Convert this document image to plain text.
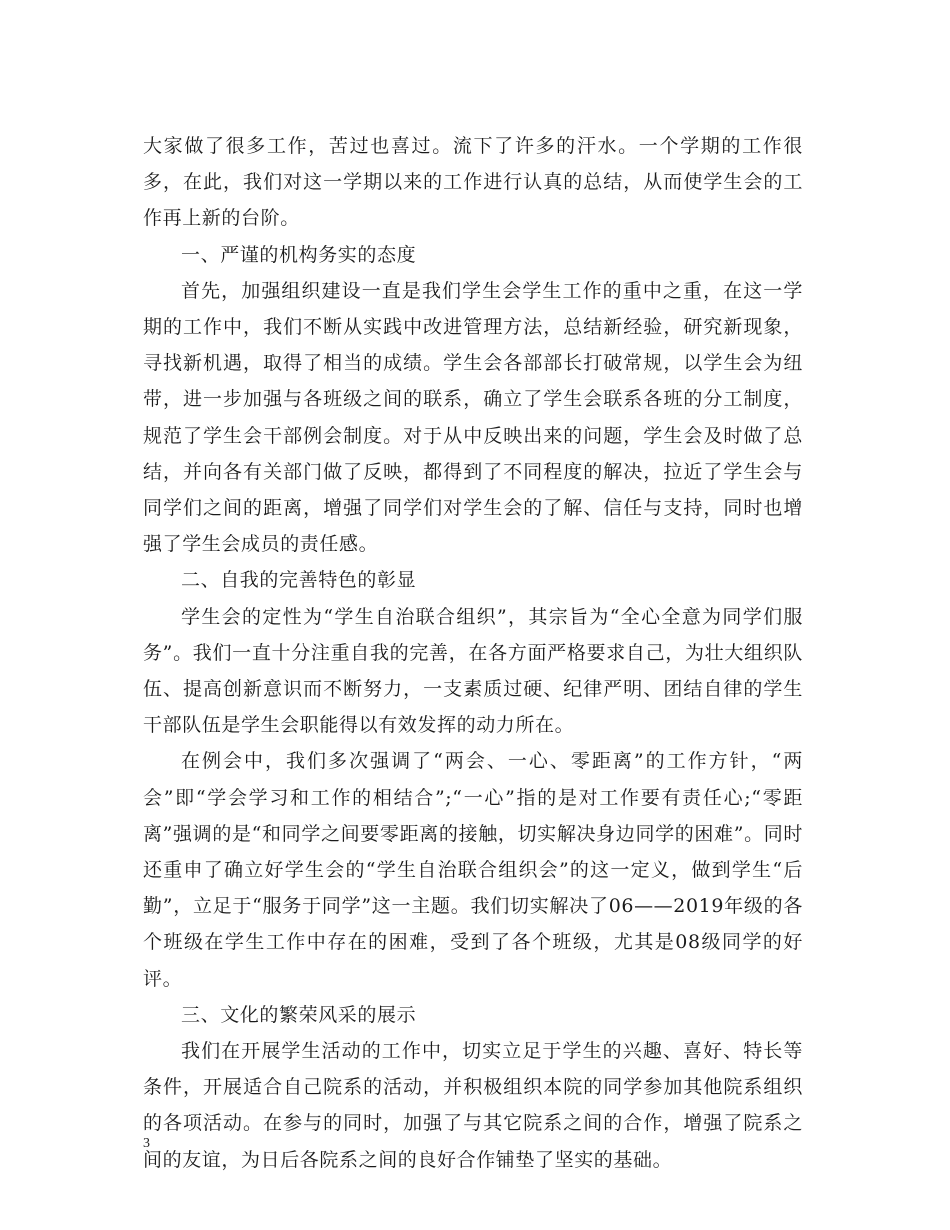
大家做了很多工作，苦过也喜过。流下了许多的汗水。一个学期的工作很多，在此，我们对这一学期以来的工作进行认真的总结，从而使学生会的工作再上新的台阶。

一、严谨的机构务实的态度

首先，加强组织建设一直是我们学生会学生工作的重中之重，在这一学期的工作中，我们不断从实践中改进管理方法，总结新经验，研究新现象，寻找新机遇，取得了相当的成绩。学生会各部部长打破常规，以学生会为纽带，进一步加强与各班级之间的联系，确立了学生会联系各班的分工制度，规范了学生会干部例会制度。对于从中反映出来的问题，学生会及时做了总结，并向各有关部门做了反映，都得到了不同程度的解决，拉近了学生会与同学们之间的距离，增强了同学们对学生会的了解、信任与支持，同时也增强了学生会成员的责任感。

二、自我的完善特色的彰显

学生会的定性为“学生自治联合组织”，其宗旨为“全心全意为同学们服务”。我们一直十分注重自我的完善，在各方面严格要求自己，为壮大组织队伍、提高创新意识而不断努力，一支素质过硬、纪律严明、团结自律的学生干部队伍是学生会职能得以有效发挥的动力所在。

在例会中，我们多次强调了“两会、一心、零距离”的工作方针，“两会”即“学会学习和工作的相结合”;“一心”指的是对工作要有责任心;“零距离”强调的是“和同学之间要零距离的接触，切实解决身边同学的困难”。同时还重申了确立好学生会的“学生自治联合组织会”的这一定义，做到学生“后勤”，立足于“服务于同学”这一主题。我们切实解决了06——2019年级的各个班级在学生工作中存在的困难，受到了各个班级，尤其是08级同学的好评。

三、文化的繁荣风采的展示

我们在开展学生活动的工作中，切实立足于学生的兴趣、喜好、特长等条件，开展适合自己院系的活动，并积极组织本院的同学参加其他院系组织的各项活动。在参与的同时，加强了与其它院系之间的合作，增强了院系之间的友谊，为日后各院系之间的良好合作铺垫了坚实的基础。

3
